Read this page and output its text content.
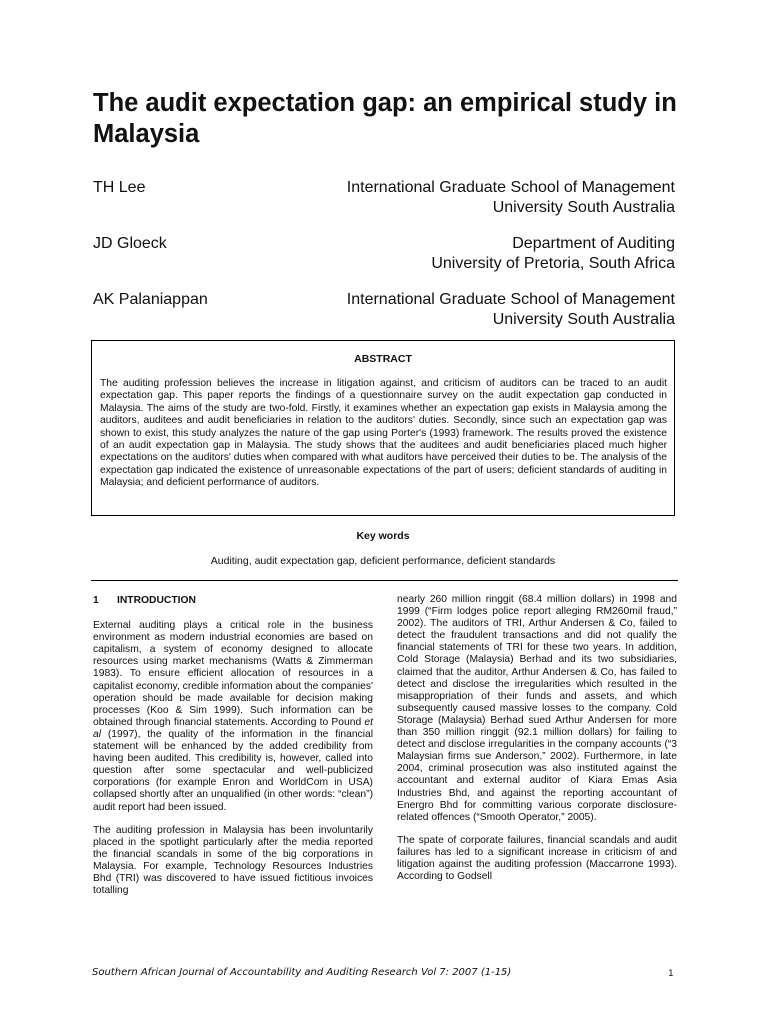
The audit expectation gap: an empirical study in Malaysia
TH Lee	International Graduate School of Management
University South Australia
JD Gloeck	Department of Auditing
University of Pretoria, South Africa
AK Palaniappan	International Graduate School of Management
University South Australia
ABSTRACT
The auditing profession believes the increase in litigation against, and criticism of auditors can be traced to an audit expectation gap. This paper reports the findings of a questionnaire survey on the audit expectation gap conducted in Malaysia. The aims of the study are two-fold. Firstly, it examines whether an expectation gap exists in Malaysia among the auditors, auditees and audit beneficiaries in relation to the auditors' duties. Secondly, since such an expectation gap was shown to exist, this study analyzes the nature of the gap using Porter's (1993) framework. The results proved the existence of an audit expectation gap in Malaysia. The study shows that the auditees and audit beneficiaries placed much higher expectations on the auditors' duties when compared with what auditors have perceived their duties to be. The analysis of the expectation gap indicated the existence of unreasonable expectations of the part of users; deficient standards of auditing in Malaysia; and deficient performance of auditors.
Key words
Auditing, audit expectation gap, deficient performance, deficient standards
1 INTRODUCTION

External auditing plays a critical role in the business environment as modern industrial economies are based on capitalism, a system of economy designed to allocate resources using market mechanisms (Watts & Zimmerman 1983). To ensure efficient allocation of resources in a capitalist economy, credible information about the companies' operation should be made available for decision making processes (Koo & Sim 1999). Such information can be obtained through financial statements. According to Pound et al (1997), the quality of the information in the financial statement will be enhanced by the added credibility from having been audited. This credibility is, however, called into question after some spectacular and well-publicized corporations (for example Enron and WorldCom in USA) collapsed shortly after an unqualified (in other words: “clean”) audit report had been issued.

The auditing profession in Malaysia has been involuntarily placed in the spotlight particularly after the media reported the financial scandals in some of the big corporations in Malaysia. For example, Technology Resources Industries Bhd (TRI) was discovered to have issued fictitious invoices totalling

nearly 260 million ringgit (68.4 million dollars) in 1998 and 1999 (“Firm lodges police report alleging RM260mil fraud,” 2002). The auditors of TRI, Arthur Andersen & Co, failed to detect the fraudulent transactions and did not qualify the financial statements of TRI for these two years. In addition, Cold Storage (Malaysia) Berhad and its two subsidiaries, claimed that the auditor, Arthur Andersen & Co, has failed to detect and disclose the irregularities which resulted in the misappropriation of their funds and assets, and which subsequently caused massive losses to the company. Cold Storage (Malaysia) Berhad sued Arthur Andersen for more than 350 million ringgit (92.1 million dollars) for failing to detect and disclose irregularities in the company accounts (“3 Malaysian firms sue Anderson,” 2002). Furthermore, in late 2004, criminal prosecution was also instituted against the accountant and external auditor of Kiara Emas Asia Industries Bhd, and against the reporting accountant of Energro Bhd for committing various corporate disclosure-related offences (“Smooth Operator,” 2005).

The spate of corporate failures, financial scandals and audit failures has led to a significant increase in criticism of and litigation against the auditing profession (Maccarrone 1993). According to Godsell

Southern African Journal of Accountability and Auditing Research Vol 7: 2007 (1-15)	1
